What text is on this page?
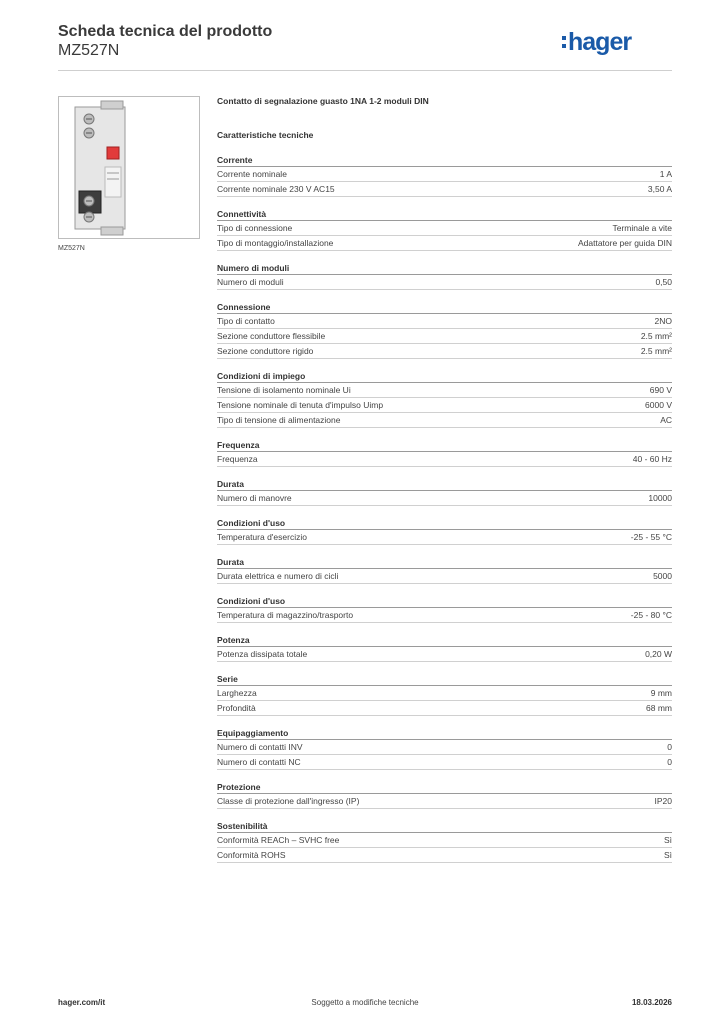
Scheda tecnica del prodotto
MZ527N	hager
MZ527N
Contatto di segnalazione guasto 1NA 1-2 moduli DIN
Caratteristiche tecniche
Corrente
Corrente nominale	1 A
Corrente nominale 230 V AC15	3,50 A
Connettività
Tipo di connessione	Terminale a vite
Tipo di montaggio/installazione	Adattatore per guida DIN
Numero di moduli
Numero di moduli	0,50
Connessione
Tipo di contatto	2NO
Sezione conduttore flessibile	2.5 mm²
Sezione conduttore rigido	2.5 mm²
Condizioni di impiego
Tensione di isolamento nominale Ui	690 V
Tensione nominale di tenuta d'impulso Uimp	6000 V
Tipo di tensione di alimentazione	AC
Frequenza
Frequenza	40 - 60 Hz
Durata
Numero di manovre	10000
Condizioni d'uso
Temperatura d'esercizio	-25 - 55 °C
Durata
Durata elettrica e numero di cicli	5000
Condizioni d'uso
Temperatura di magazzino/trasporto	-25 - 80 °C
Potenza
Potenza dissipata totale	0,20 W
Serie
Larghezza	9 mm
Profondità	68 mm
Equipaggiamento
Numero di contatti INV	0
Numero di contatti NC	0
Protezione
Classe di protezione dall'ingresso (IP)	IP20
Sostenibilità
Conformità REACh – SVHC free	Sì
Conformità ROHS	Sì
hager.com/it	Soggetto a modifiche tecniche	18.03.2026
